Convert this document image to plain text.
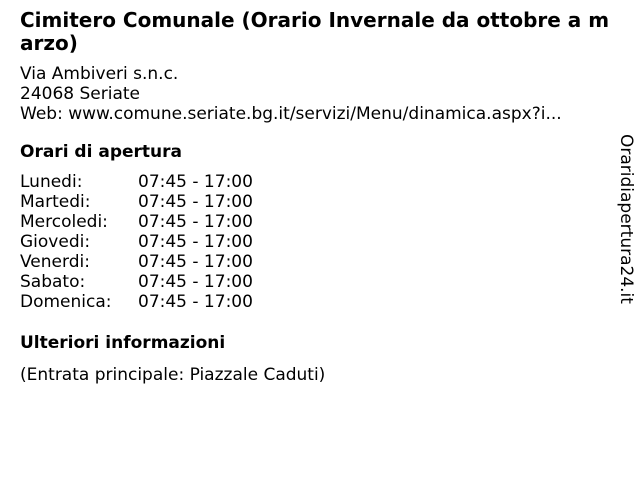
Cimitero Comunale (Orario Invernale da ottobre a marzo)
Via Ambiveri s.n.c.
24068 Seriate
Web: www.comune.seriate.bg.it/servizi/Menu/dinamica.aspx?i...
Orari di apertura
Lunedi:	07:45 - 17:00
Martedi:	07:45 - 17:00
Mercoledi:	07:45 - 17:00
Giovedi:	07:45 - 17:00
Venerdi:	07:45 - 17:00
Sabato:	07:45 - 17:00
Domenica:	07:45 - 17:00
Ulteriori informazioni
(Entrata principale: Piazzale Caduti)
Oraridiapertura24.it
